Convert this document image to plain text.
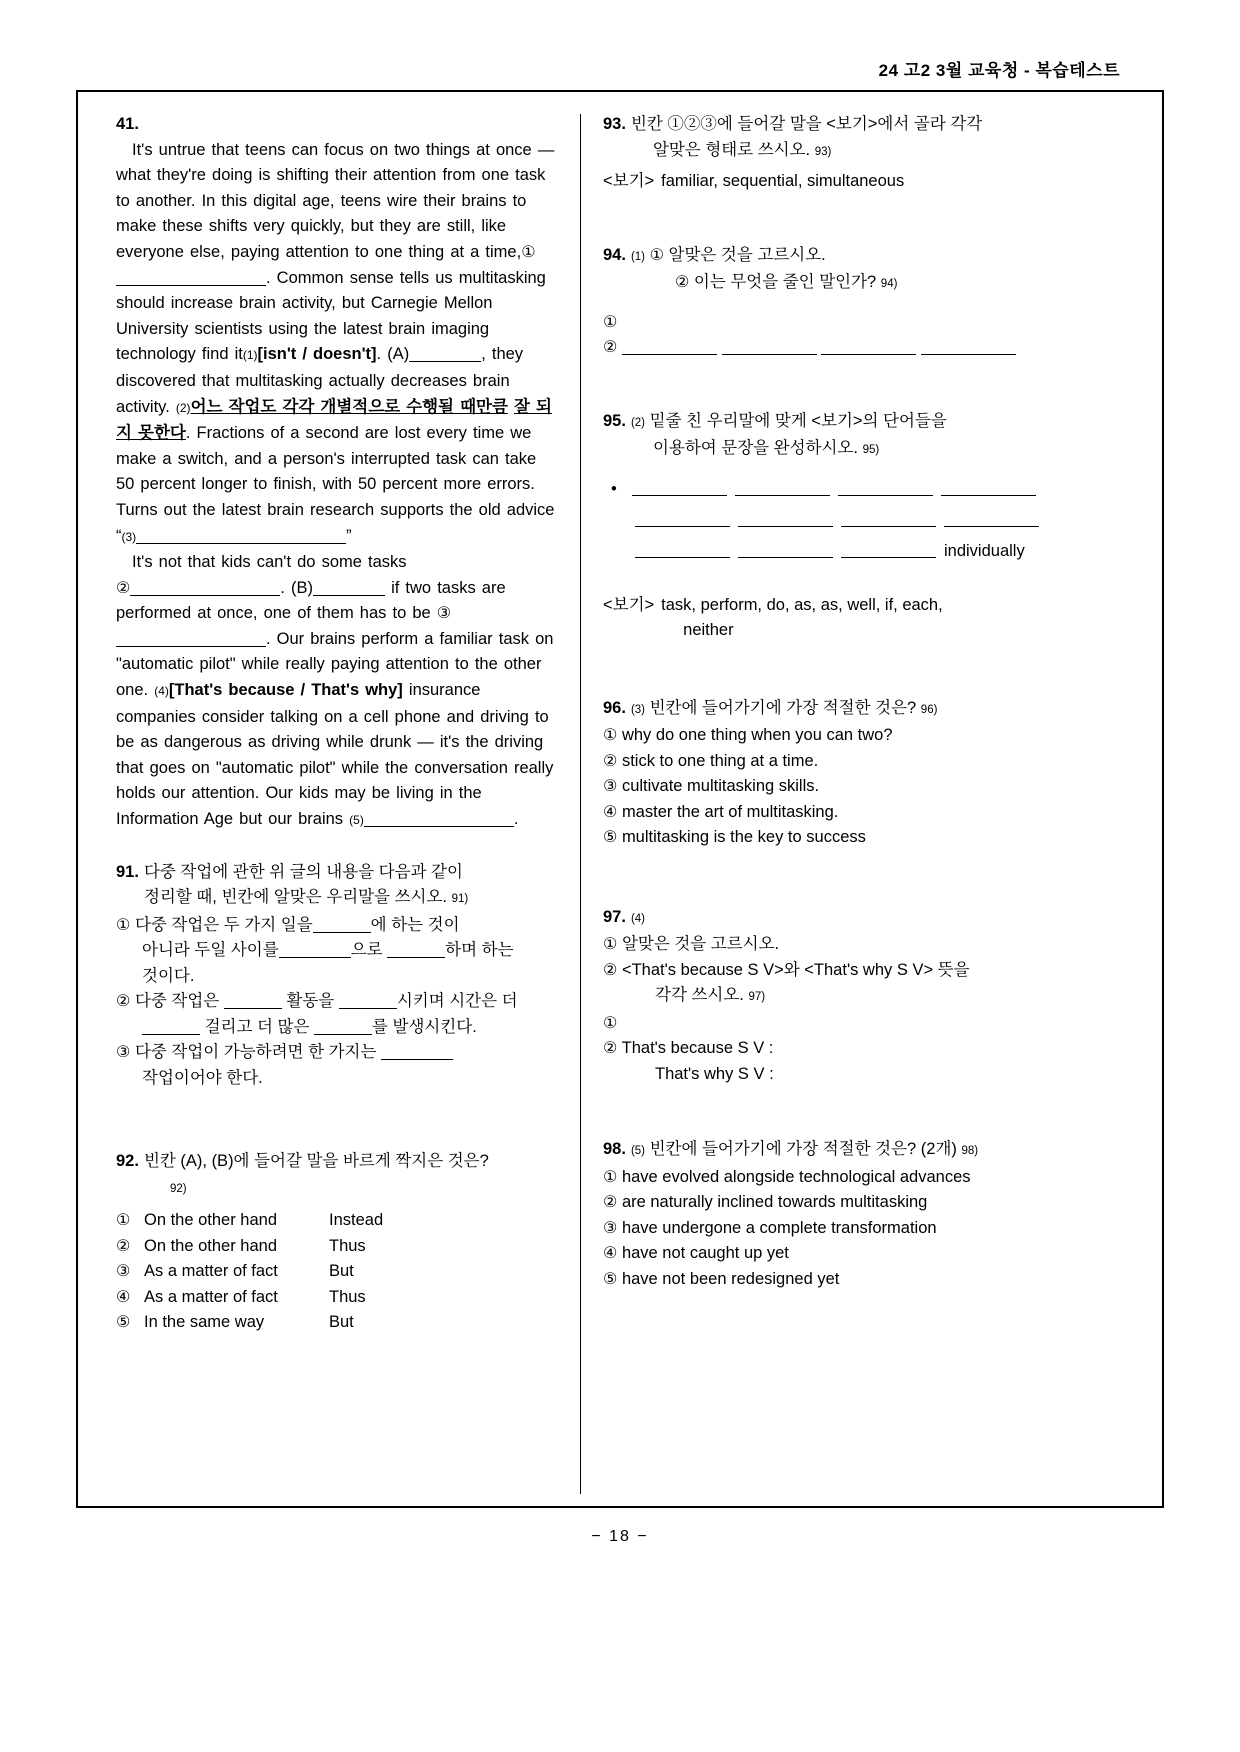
24 고2 3월 교육청 - 복습테스트
41.

It's untrue that teens can focus on two things at once — what they're doing is shifting their attention from one task to another. In this digital age, teens wire their brains to make these shifts very quickly, but they are still, like everyone else, paying attention to one thing at a time,①. Common sense tells us multitasking should increase brain activity, but Carnegie Mellon University scientists using the latest brain imaging technology find it(1)[isn't / doesn't]. (A)	, they discovered that multitasking actually decreases brain activity. (2)어느 작업도 각각 개별적으로 수행될 때만큼 잘 되지 못한다. Fractions of a second are lost every time we make a switch, and a person's interrupted task can take 50 percent longer to finish, with 50 percent more errors. Turns out the latest brain research supports the old advice
“(3)	”

It's not that kids can't do some tasks
②	. (B)	if two tasks are performed at once, one of them has to be ③. Our brains perform a familiar task on "automatic pilot" while really paying attention to the other one. (4)[That's because / That's why] insurance companies consider talking on a cell phone and driving to be as dangerous as driving while drunk — it's the driving that goes on "automatic pilot" while the conversation really holds our attention. Our kids may be living in the Information Age but our brains (5)	.

91. 다중 작업에 관한 위 글의 내용을 다음과 같이
정리할 때, 빈칸에 알맞은 우리말을 쓰시오. 91)
① 다중 작업은 두 가지 일을	에 하는 것이
아니라 두일 사이를	으로	하며 하는
것이다.
② 다중 작업은	활동을	시키며 시간은 더
걸리고 더 많은	를 발생시킨다.
③ 다중 작업이 가능하려면 한 가지는
작업이어야 한다.
92. 빈칸 (A), (B)에 들어갈 말을 바르게 짝지은 것은?
92)
① On the other hand	Instead
② On the other hand	Thus
③ As a matter of fact	But
④ As a matter of fact	Thus
⑤ In the same way	But
93. 빈칸 ①②③에 들어갈 말을 <보기>에서 골라 각각
알맞은 형태로 쓰시오. 93)
<보기> familiar, sequential, simultaneous
94. (1) ① 알맞은 것을 고르시오.
② 이는 무엇을 줄인 말인가? 94)
①
②
95. (2) 밑줄 친 우리말에 맞게 <보기>의 단어들을
이용하여 문장을 완성하시오. 95)
•
individually
<보기> task, perform, do, as, as, well, if, each,
neither
96. (3) 빈칸에 들어가기에 가장 적절한 것은? 96)
① why do one thing when you can two?
② stick to one thing at a time.
③ cultivate multitasking skills.
④ master the art of multitasking.
⑤ multitasking is the key to success
97. (4)
① 알맞은 것을 고르시오.
② <That's because S V>와 <That's why S V> 뜻을
각각 쓰시오. 97)
①
② That's because S V :
That's why S V :
98. (5) 빈칸에 들어가기에 가장 적절한 것은? (2개) 98)
① have evolved alongside technological advances
② are naturally inclined towards multitasking
③ have undergone a complete transformation
④ have not caught up yet
⑤ have not been redesigned yet
− 18 −
